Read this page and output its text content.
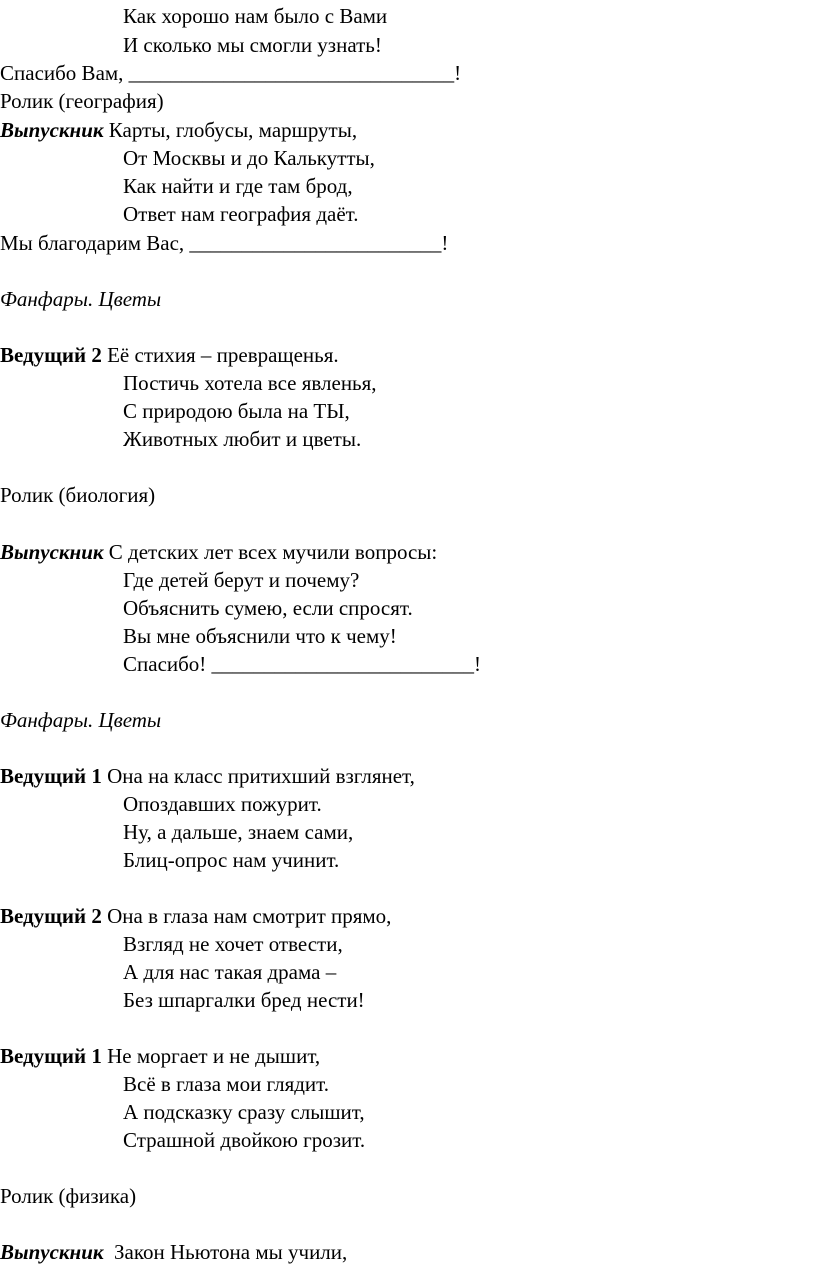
Как хорошо нам было с Вами
И сколько мы смогли узнать!
Спасибо Вам, _______________________________!
Ролик (география)
Выпускник Карты, глобусы, маршруты,
От Москвы и до Калькутты,
Как найти и где там брод,
Ответ нам география даёт.
Мы благодарим Вас, ________________________!
Фанфары. Цветы
Ведущий 2 Её стихия – превращенья.
Постичь хотела все явленья,
С природою была на ТЫ,
Животных любит и цветы.
Ролик (биология)
Выпускник С детских лет всех мучили вопросы:
Где детей берут и почему?
Объяснить сумею, если спросят.
Вы мне объяснили что к чему!
Спасибо! _________________________!
Фанфары. Цветы
Ведущий 1 Она на класс притихший взглянет,
Опоздавших пожурит.
Ну, а дальше, знаем сами,
Блиц-опрос нам учинит.
Ведущий 2 Она в глаза нам смотрит прямо,
Взгляд не хочет отвести,
А для нас такая драма –
Без шпаргалки бред нести!
Ведущий 1 Не моргает и не дышит,
Всё в глаза мои глядит.
А подсказку сразу слышит,
Страшной двойкою грозит.
Ролик (физика)
Выпускник Закон Ньютона мы учили,
